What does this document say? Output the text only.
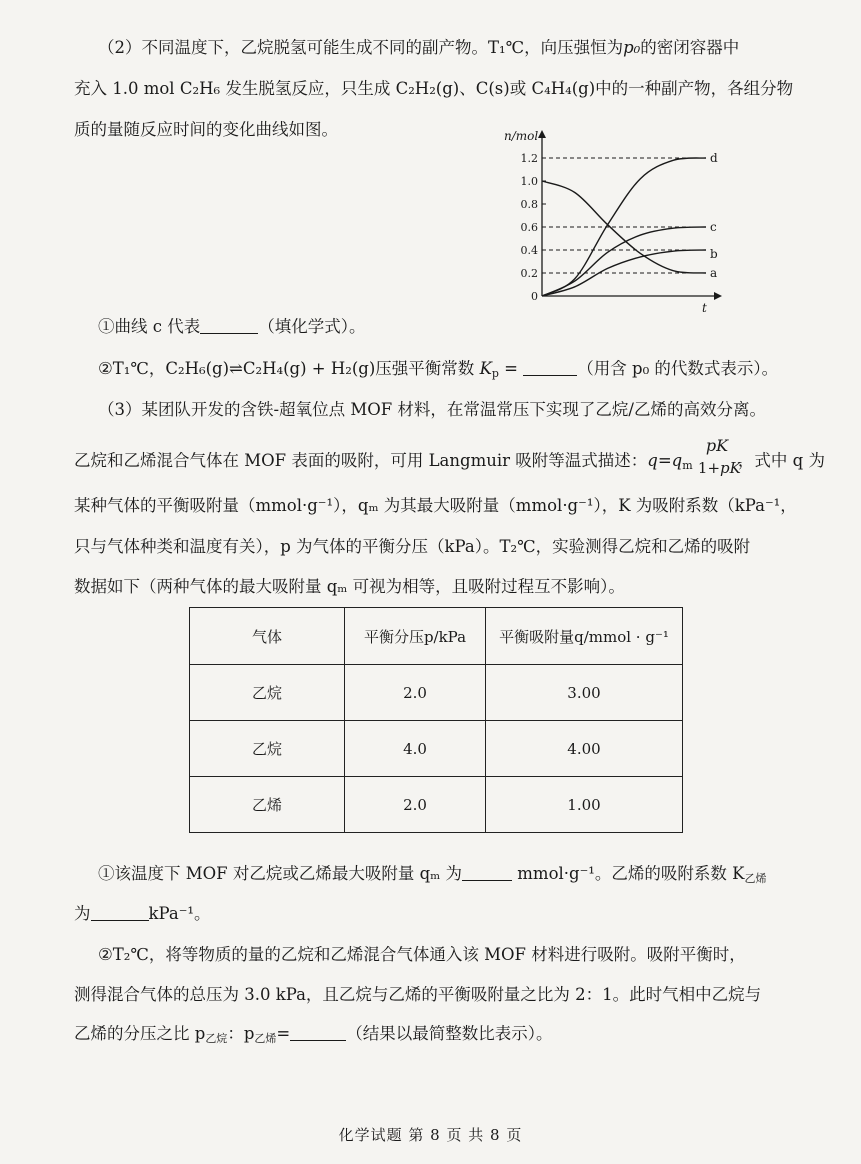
（2）不同温度下，乙烷脱氢可能生成不同的副产物。T₁℃，向压强恒为p₀的密闭容器中
充入 1.0 mol C₂H₆ 发生脱氢反应，只生成 C₂H₂(g)、C(s)或 C₄H₄(g)中的一种副产物，各组分物
质的量随反应时间的变化曲线如图。	n/mol
t
0
0.2
0.4
0.6
0.8
1.0
1.2
a
b
c
d
①曲线 c 代表	（填化学式）。
②T₁℃，C₂H₆(g)⇌C₂H₄(g) + H₂(g)压强平衡常数 $K_p$ =	（用含 p₀ 的代数式表示）。
（3）某团队开发的含铁-超氧位点 MOF 材料，在常温常压下实现了乙烷/乙烯的高效分离。
乙烷和乙烯混合气体在 MOF 表面的吸附，可用 Langmuir 吸附等温式描述：$q=q_m$
pK
1+pK
，式中 q 为
某种气体的平衡吸附量（mmol·g⁻¹），qₘ 为其最大吸附量（mmol·g⁻¹），K 为吸附系数（kPa⁻¹，
只与气体种类和温度有关），p 为气体的平衡分压（kPa）。T₂℃，实验测得乙烷和乙烯的吸附
数据如下（两种气体的最大吸附量 qₘ 可视为相等，且吸附过程互不影响）。
气体	平衡分压p/kPa	平衡吸附量q/mmol · g⁻¹
乙烷	2.0	3.00
乙烷	4.0	4.00
乙烯	2.0	1.00
①该温度下 MOF 对乙烷或乙烯最大吸附量 qₘ 为	mmol·g⁻¹。乙烯的吸附系数 $K_{乙烯}$
为	kPa⁻¹。
②T₂℃，将等物质的量的乙烷和乙烯混合气体通入该 MOF 材料进行吸附。吸附平衡时，
测得混合气体的总压为 3.0 kPa，且乙烷与乙烯的平衡吸附量之比为 2：1。此时气相中乙烷与
乙烯的分压之比 $p_{乙烷}$：$p_{乙烯}=$	（结果以最简整数比表示）。
化学试题 第 8 页 共 8 页
